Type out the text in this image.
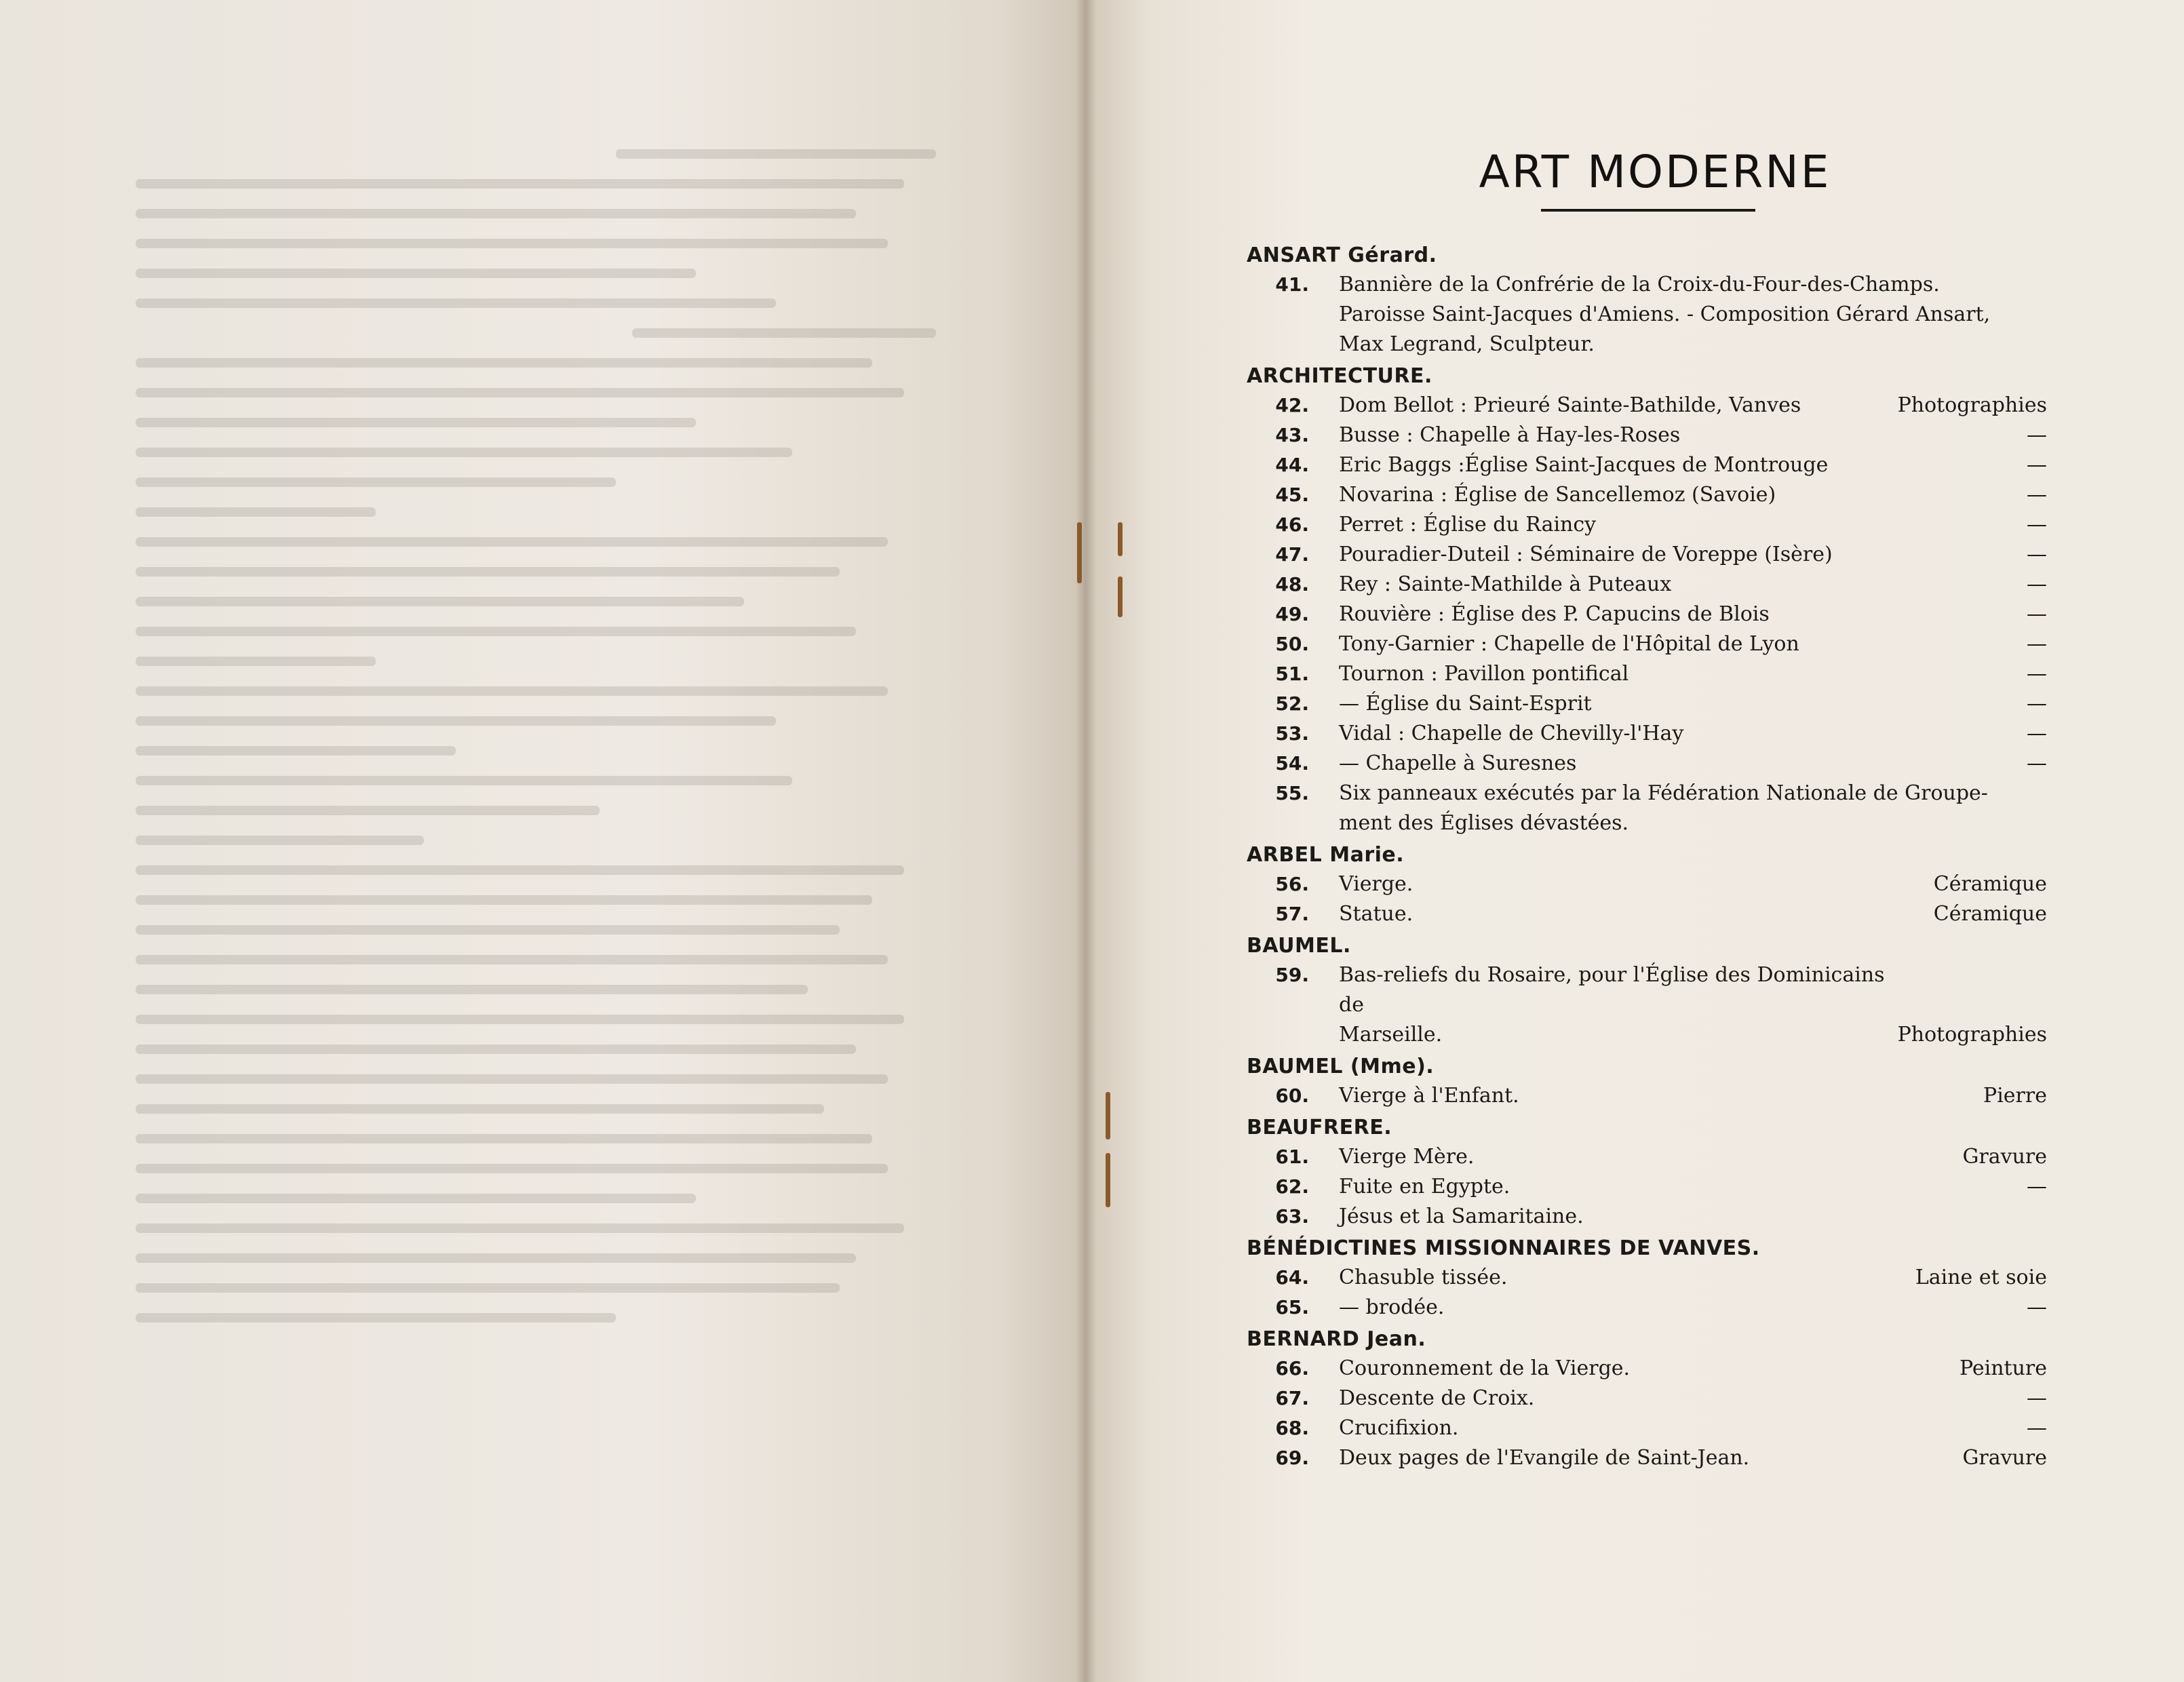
ART MODERNE
ANSART Gérard.
41.	Bannière de la Confrérie de la Croix-du-Four-des-Champs.
Paroisse Saint-Jacques d'Amiens. - Composition Gérard Ansart,
Max Legrand, Sculpteur.
ARCHITECTURE.
42.	Dom Bellot : Prieuré Sainte-Bathilde, Vanves	Photographies
43.	Busse : Chapelle à Hay-les-Roses	—
44.	Eric Baggs :Église Saint-Jacques de Montrouge	—
45.	Novarina : Église de Sancellemoz (Savoie)	—
46.	Perret : Église du Raincy	—
47.	Pouradier-Duteil : Séminaire de Voreppe (Isère)	—
48.	Rey : Sainte-Mathilde à Puteaux	—
49.	Rouvière : Église des P. Capucins de Blois	—
50.	Tony-Garnier : Chapelle de l'Hôpital de Lyon	—
51.	Tournon : Pavillon pontifical	—
52.	— Église du Saint-Esprit	—
53.	Vidal : Chapelle de Chevilly-l'Hay	—
54.	— Chapelle à Suresnes	—
55.	Six panneaux exécutés par la Fédération Nationale de Groupe-
ment des Églises dévastées.
ARBEL Marie.
56.	Vierge.	Céramique
57.	Statue.	Céramique
BAUMEL.
59.	Bas-reliefs du Rosaire, pour l'Église des Dominicains de
Marseille.	Photographies
BAUMEL (Mme).
60.	Vierge à l'Enfant.	Pierre
BEAUFRERE.
61.	Vierge Mère.	Gravure
62.	Fuite en Egypte.	—
63.	Jésus et la Samaritaine.
BÉNÉDICTINES MISSIONNAIRES DE VANVES.
64.	Chasuble tissée.	Laine et soie
65.	— brodée.	—
BERNARD Jean.
66.	Couronnement de la Vierge.	Peinture
67.	Descente de Croix.	—
68.	Crucifixion.	—
69.	Deux pages de l'Evangile de Saint-Jean.	Gravure
